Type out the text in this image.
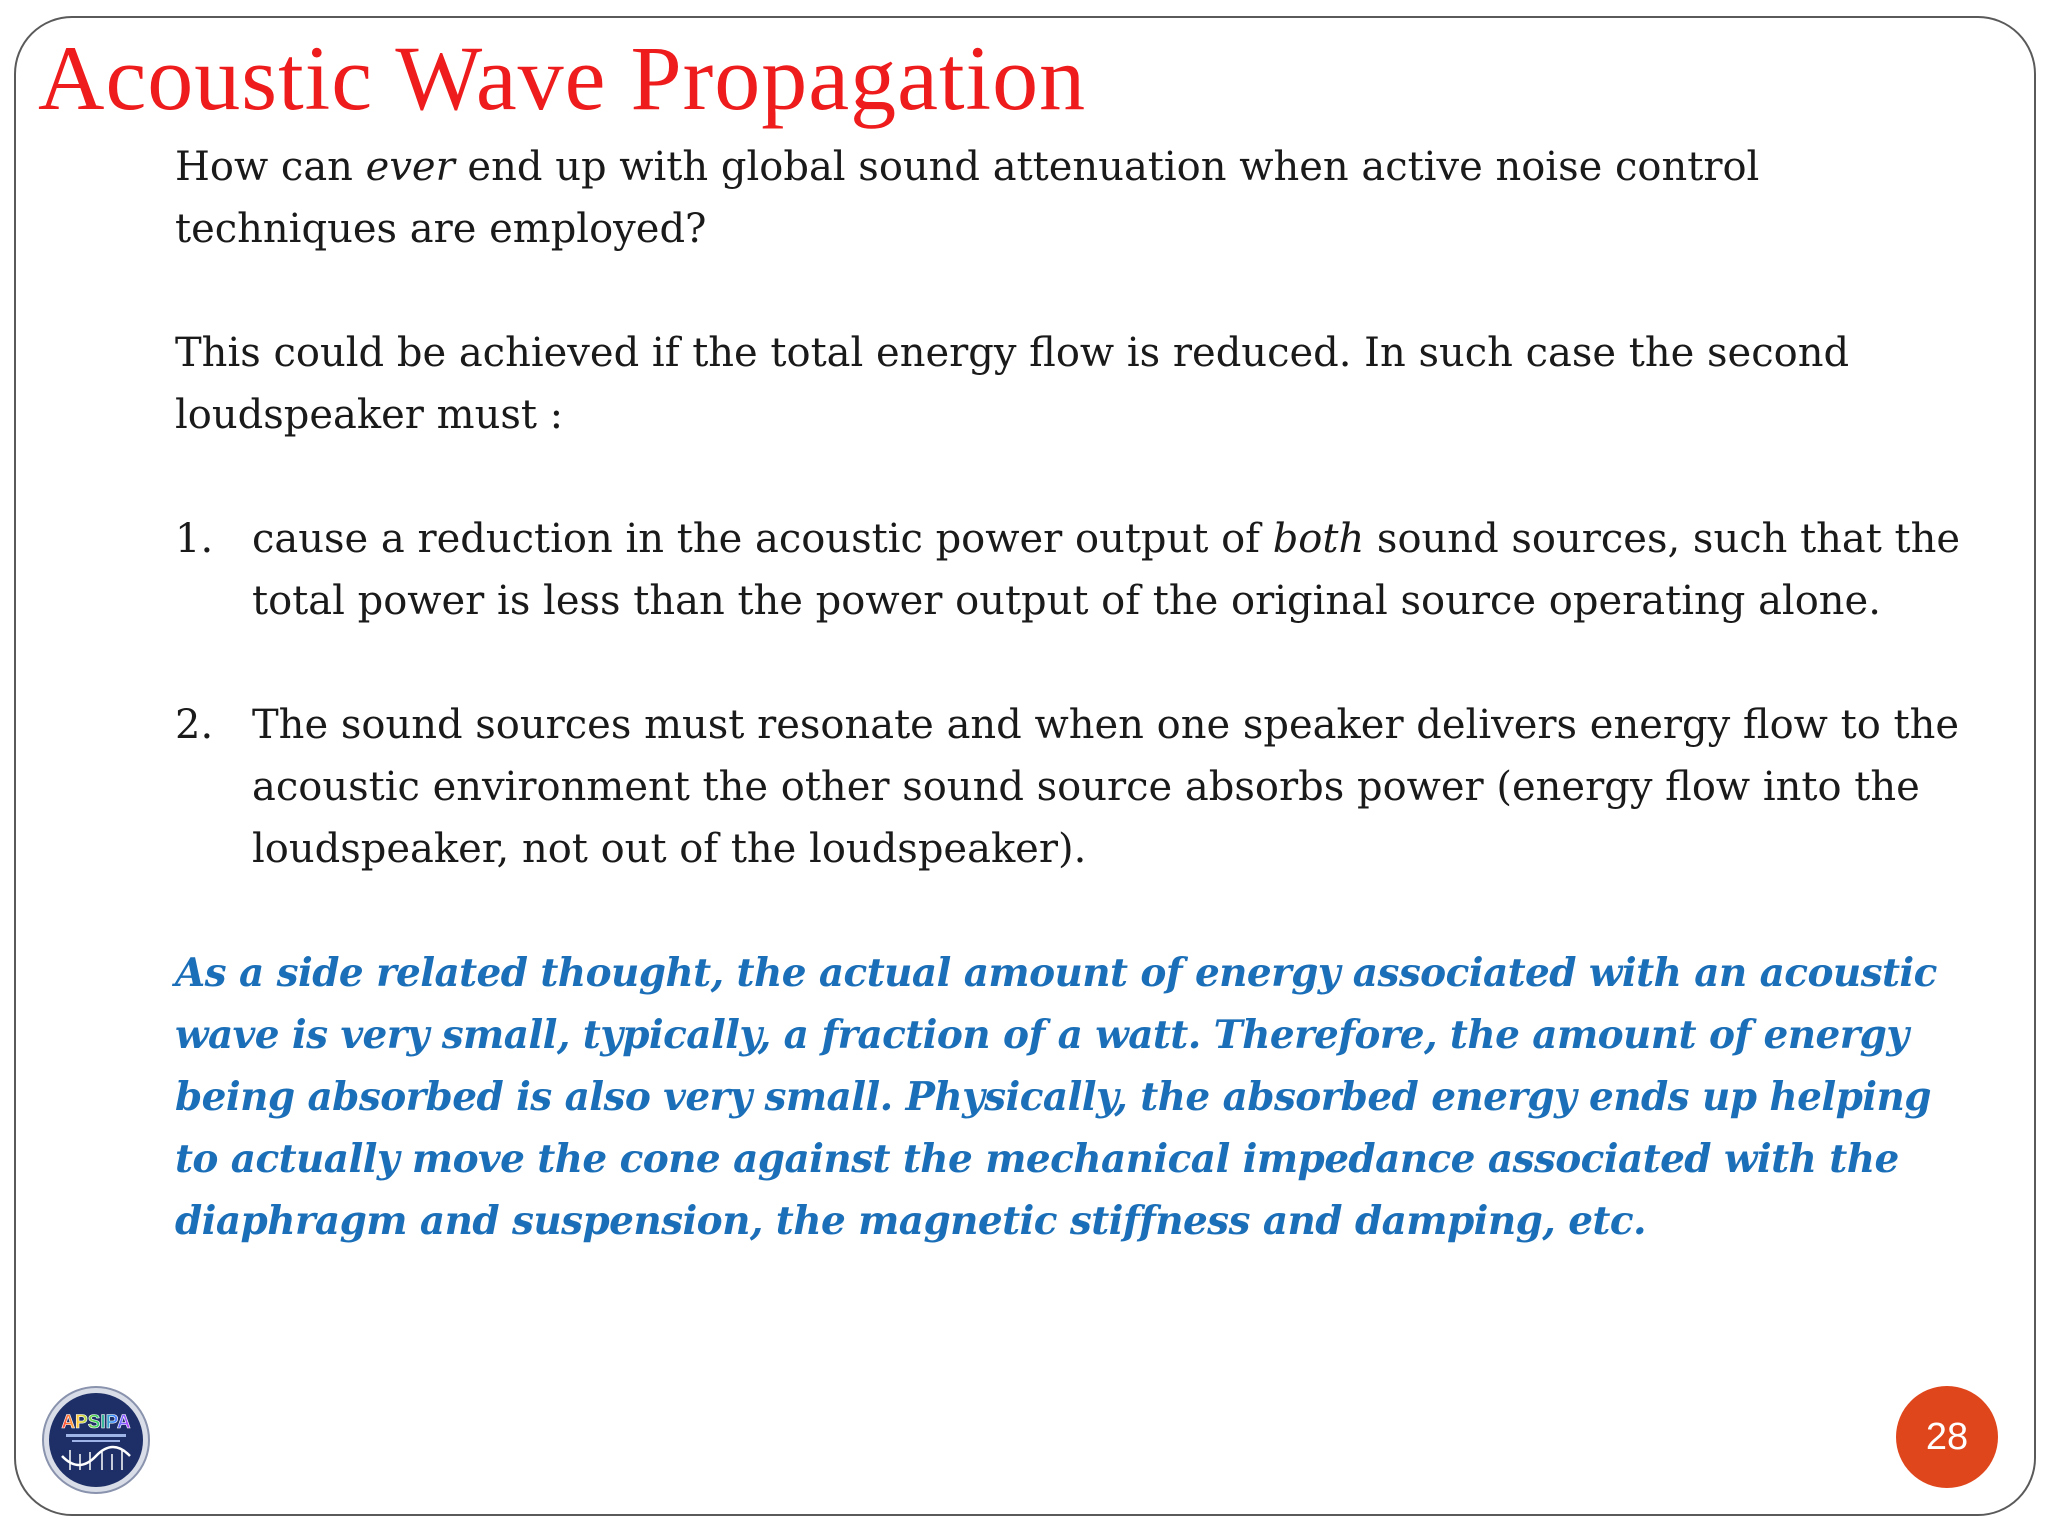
Acoustic Wave Propagation

How can ever end up with global sound attenuation when active noise control techniques are employed?

This could be achieved if the total energy flow is reduced. In such case the second loudspeaker must :

1. cause a reduction in the acoustic power output of both sound sources, such that the total power is less than the power output of the original source operating alone.
2. The sound sources must resonate and when one speaker delivers energy flow to the acoustic environment the other sound source absorbs power (energy flow into the loudspeaker, not out of the loudspeaker).

As a side related thought, the actual amount of energy associated with an acoustic wave is very small, typically, a fraction of a watt. Therefore, the amount of energy being absorbed is also very small. Physically, the absorbed energy ends up helping to actually move the cone against the mechanical impedance associated with the diaphragm and suspension, the magnetic stiffness and damping, etc.

APSIPA	28
